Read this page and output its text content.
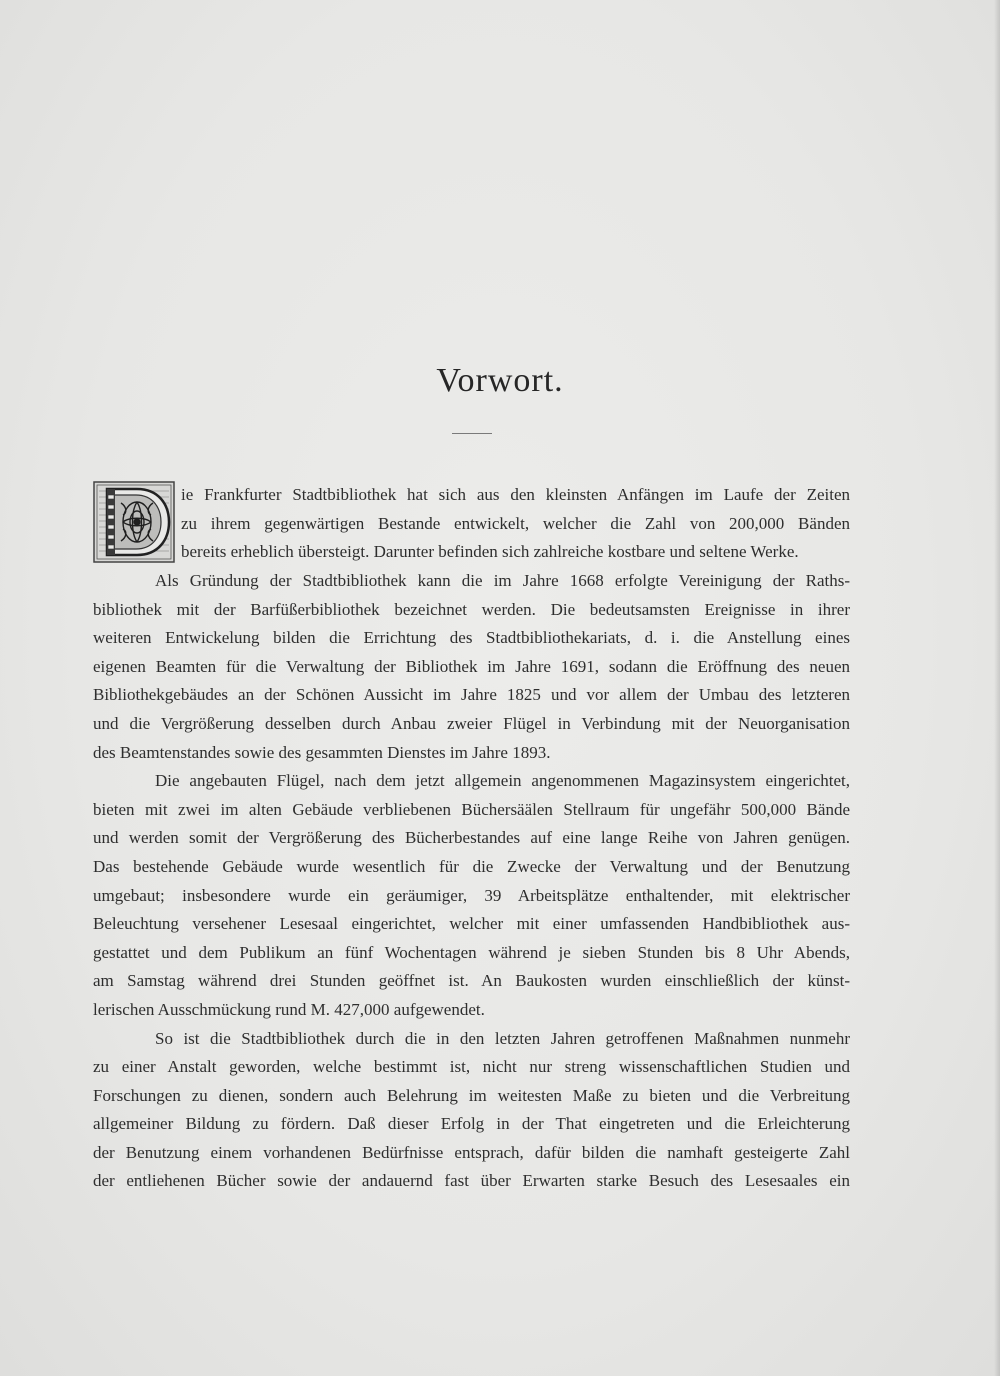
Vorwort.
ie Frankfurter Stadtbibliothek hat sich aus den kleinsten Anfängen im Laufe der Zeiten
zu ihrem gegenwärtigen Bestande entwickelt, welcher die Zahl von 200,000 Bänden
bereits erheblich übersteigt. Darunter befinden sich zahlreiche kostbare und seltene Werke.
Als Gründung der Stadtbibliothek kann die im Jahre 1668 erfolgte Vereinigung der Raths-
bibliothek mit der Barfüßerbibliothek bezeichnet werden. Die bedeutsamsten Ereignisse in ihrer
weiteren Entwickelung bilden die Errichtung des Stadtbibliothekariats, d. i. die Anstellung eines
eigenen Beamten für die Verwaltung der Bibliothek im Jahre 1691, sodann die Eröffnung des neuen
Bibliothekgebäudes an der Schönen Aussicht im Jahre 1825 und vor allem der Umbau des letzteren
und die Vergrößerung desselben durch Anbau zweier Flügel in Verbindung mit der Neuorganisation
des Beamtenstandes sowie des gesammten Dienstes im Jahre 1893.
Die angebauten Flügel, nach dem jetzt allgemein angenommenen Magazinsystem eingerichtet,
bieten mit zwei im alten Gebäude verbliebenen Büchersäälen Stellraum für ungefähr 500,000 Bände
und werden somit der Vergrößerung des Bücherbestandes auf eine lange Reihe von Jahren genügen.
Das bestehende Gebäude wurde wesentlich für die Zwecke der Verwaltung und der Benutzung
umgebaut; insbesondere wurde ein geräumiger, 39 Arbeitsplätze enthaltender, mit elektrischer
Beleuchtung versehener Lesesaal eingerichtet, welcher mit einer umfassenden Handbibliothek aus-
gestattet und dem Publikum an fünf Wochentagen während je sieben Stunden bis 8 Uhr Abends,
am Samstag während drei Stunden geöffnet ist. An Baukosten wurden einschließlich der künst-
lerischen Ausschmückung rund M. 427,000 aufgewendet.
So ist die Stadtbibliothek durch die in den letzten Jahren getroffenen Maßnahmen nunmehr
zu einer Anstalt geworden, welche bestimmt ist, nicht nur streng wissenschaftlichen Studien und
Forschungen zu dienen, sondern auch Belehrung im weitesten Maße zu bieten und die Verbreitung
allgemeiner Bildung zu fördern. Daß dieser Erfolg in der That eingetreten und die Erleichterung
der Benutzung einem vorhandenen Bedürfnisse entsprach, dafür bilden die namhaft gesteigerte Zahl
der entliehenen Bücher sowie der andauernd fast über Erwarten starke Besuch des Lesesaales ein
